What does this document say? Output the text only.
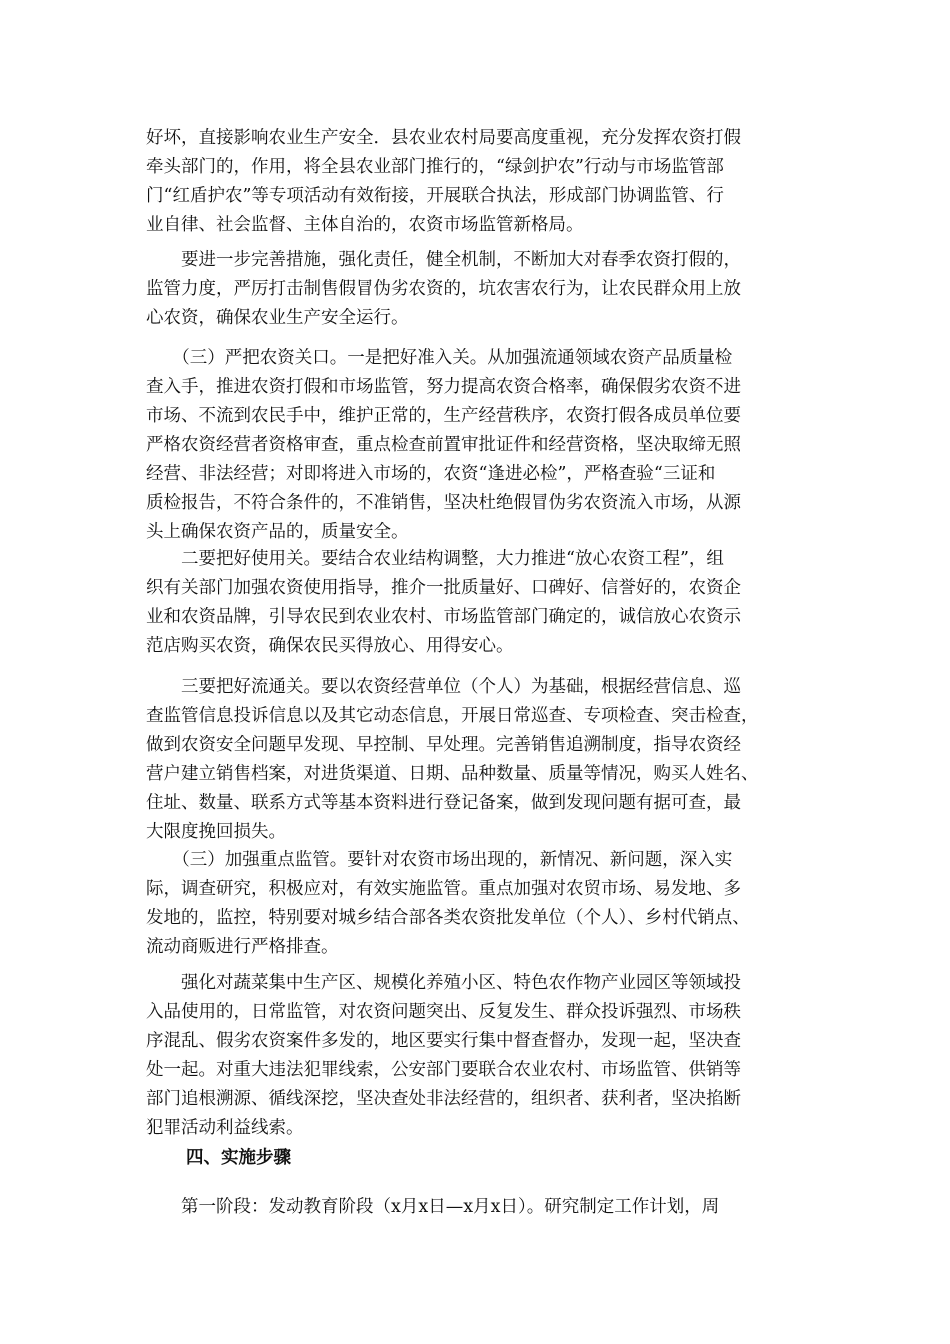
好坏，直接影响农业生产安全．县农业农村局要高度重视，充分发挥农资打假
牵头部门的，作用，将全县农业部门推行的，“绿剑护农”行动与市场监管部
门“红盾护农”等专项活动有效衔接，开展联合执法，形成部门协调监管、行
业自律、社会监督、主体自治的，农资市场监管新格局。
　　要进一步完善措施，强化责任，健全机制，不断加大对春季农资打假的，
监管力度，严厉打击制售假冒伪劣农资的，坑农害农行为，让农民群众用上放
心农资，确保农业生产安全运行。
　　（三）严把农资关口。一是把好准入关。从加强流通领域农资产品质量检
查入手，推进农资打假和市场监管，努力提高农资合格率，确保假劣农资不进
市场、不流到农民手中，维护正常的，生产经营秩序，农资打假各成员单位要
严格农资经营者资格审查，重点检查前置审批证件和经营资格，坚决取缔无照
经营、非法经营；对即将进入市场的，农资“逢进必检”，严格查验“三证和
质检报告，不符合条件的，不准销售，坚决杜绝假冒伪劣农资流入市场，从源
头上确保农资产品的，质量安全。
　　二要把好使用关。要结合农业结构调整，大力推进“放心农资工程”，组
织有关部门加强农资使用指导，推介一批质量好、口碑好、信誉好的，农资企
业和农资品牌，引导农民到农业农村、市场监管部门确定的，诚信放心农资示
范店购买农资，确保农民买得放心、用得安心。
　　三要把好流通关。要以农资经营单位（个人）为基础，根据经营信息、巡
查监管信息投诉信息以及其它动态信息，开展日常巡查、专项检查、突击检查，
做到农资安全问题早发现、早控制、早处理。完善销售追溯制度，指导农资经
营户建立销售档案，对进货渠道、日期、品种数量、质量等情况，购买人姓名、
住址、数量、联系方式等基本资料进行登记备案，做到发现问题有据可查，最
大限度挽回损失。
　　（三）加强重点监管。要针对农资市场出现的，新情况、新问题，深入实
际，调查研究，积极应对，有效实施监管。重点加强对农贸市场、易发地、多
发地的，监控，特别要对城乡结合部各类农资批发单位（个人）、乡村代销点、
流动商贩进行严格排查。
　　强化对蔬菜集中生产区、规模化养殖小区、特色农作物产业园区等领域投
入品使用的，日常监管，对农资问题突出、反复发生、群众投诉强烈、市场秩
序混乱、假劣农资案件多发的，地区要实行集中督查督办，发现一起，坚决查
处一起。对重大违法犯罪线索，公安部门要联合农业农村、市场监管、供销等
部门追根溯源、循线深挖，坚决查处非法经营的，组织者、获利者，坚决掐断
犯罪活动利益线索。
四、实施步骤
　　第一阶段：发动教育阶段（x月x日—x月x日）。研究制定工作计划，周
